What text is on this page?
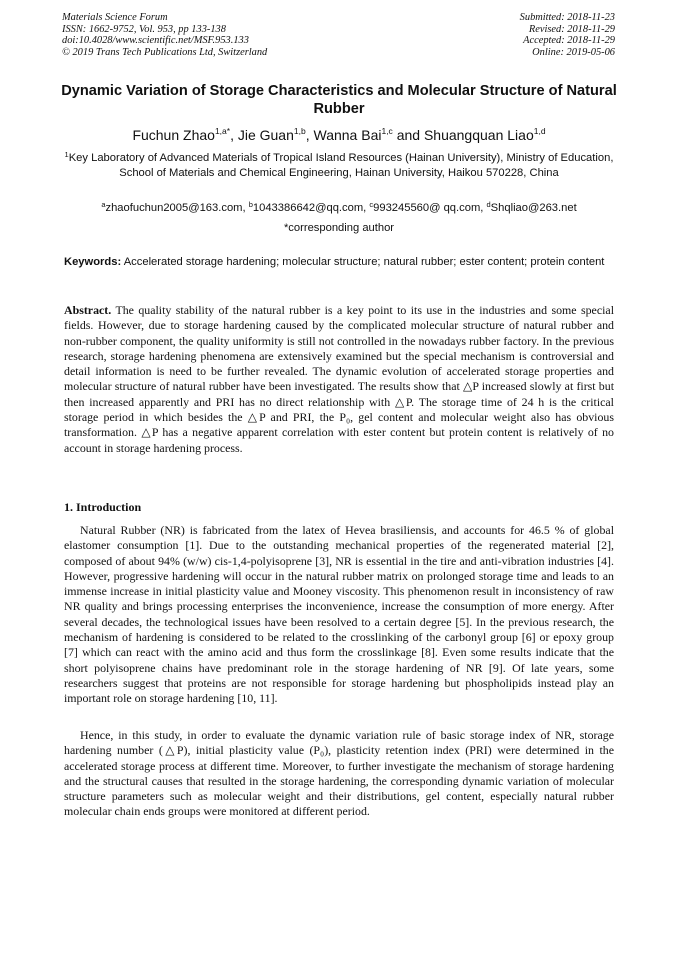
Materials Science Forum
ISSN: 1662-9752, Vol. 953, pp 133-138
doi:10.4028/www.scientific.net/MSF.953.133
© 2019 Trans Tech Publications Ltd, Switzerland
Submitted: 2018-11-23
Revised: 2018-11-29
Accepted: 2018-11-29
Online: 2019-05-06
Dynamic Variation of Storage Characteristics and Molecular Structure of Natural Rubber
Fuchun Zhao$^{1,a*}$, Jie Guan$^{1,b}$, Wanna Bai$^{1,c}$ and Shuangquan Liao$^{1,d}$
$^1$Key Laboratory of Advanced Materials of Tropical Island Resources (Hainan University), Ministry of Education, School of Materials and Chemical Engineering, Hainan University, Haikou 570228, China
$^a$zhaofuchun2005@163.com, $^b$1043386642@qq.com, $^c$993245560@ qq.com, $^d$Shqliao@263.net
*corresponding author
Keywords: Accelerated storage hardening; molecular structure; natural rubber; ester content; protein content
Abstract. The quality stability of the natural rubber is a key point to its use in the industries and some special fields. However, due to storage hardening caused by the complicated molecular structure of natural rubber and non-rubber component, the quality uniformity is still not controlled in the nowadays rubber factory. In the previous research, storage hardening phenomena are extensively examined but the special mechanism is controversial and detail information is need to be further revealed. The dynamic evolution of accelerated storage properties and molecular structure of natural rubber have been investigated. The results show that △P increased slowly at first but then increased apparently and PRI has no direct relationship with △P. The storage time of 24 h is the critical storage period in which besides the △P and PRI, the P₀, gel content and molecular weight also has obvious transformation. △P has a negative apparent correlation with ester content but protein content is relatively of no account in storage hardening process.
1. Introduction
Natural Rubber (NR) is fabricated from the latex of Hevea brasiliensis, and accounts for 46.5 % of global elastomer consumption [1]. Due to the outstanding mechanical properties of the regenerated material [2], composed of about 94% (w/w) cis-1,4-polyisoprene [3], NR is essential in the tire and anti-vibration industries [4]. However, progressive hardening will occur in the natural rubber matrix on prolonged storage time and leads to an immense increase in initial plasticity value and Mooney viscosity. This phenomenon result in inconsistency of raw NR quality and brings processing enterprises the inconvenience, increase the consumption of more energy. After several decades, the technological issues have been resolved to a certain degree [5]. In the previous research, the mechanism of hardening is considered to be related to the crosslinking of the carbonyl group [6] or epoxy group [7] which can react with the amino acid and thus form the crosslinkage [8]. Even some results indicate that the short polyisoprene chains have predominant role in the storage hardening of NR [9]. Of late years, some researchers suggest that proteins are not responsible for storage hardening but phospholipids instead play an important role on storage hardening [10, 11].
Hence, in this study, in order to evaluate the dynamic variation rule of basic storage index of NR, storage hardening number (△P), initial plasticity value (P₀), plasticity retention index (PRI) were determined in the accelerated storage process at different time. Moreover, to further investigate the mechanism of storage hardening and the structural causes that resulted in the storage hardening, the corresponding dynamic variation of molecular structure parameters such as molecular weight and their distributions, gel content, especially natural rubber molecular chain ends groups were monitored at different period.
